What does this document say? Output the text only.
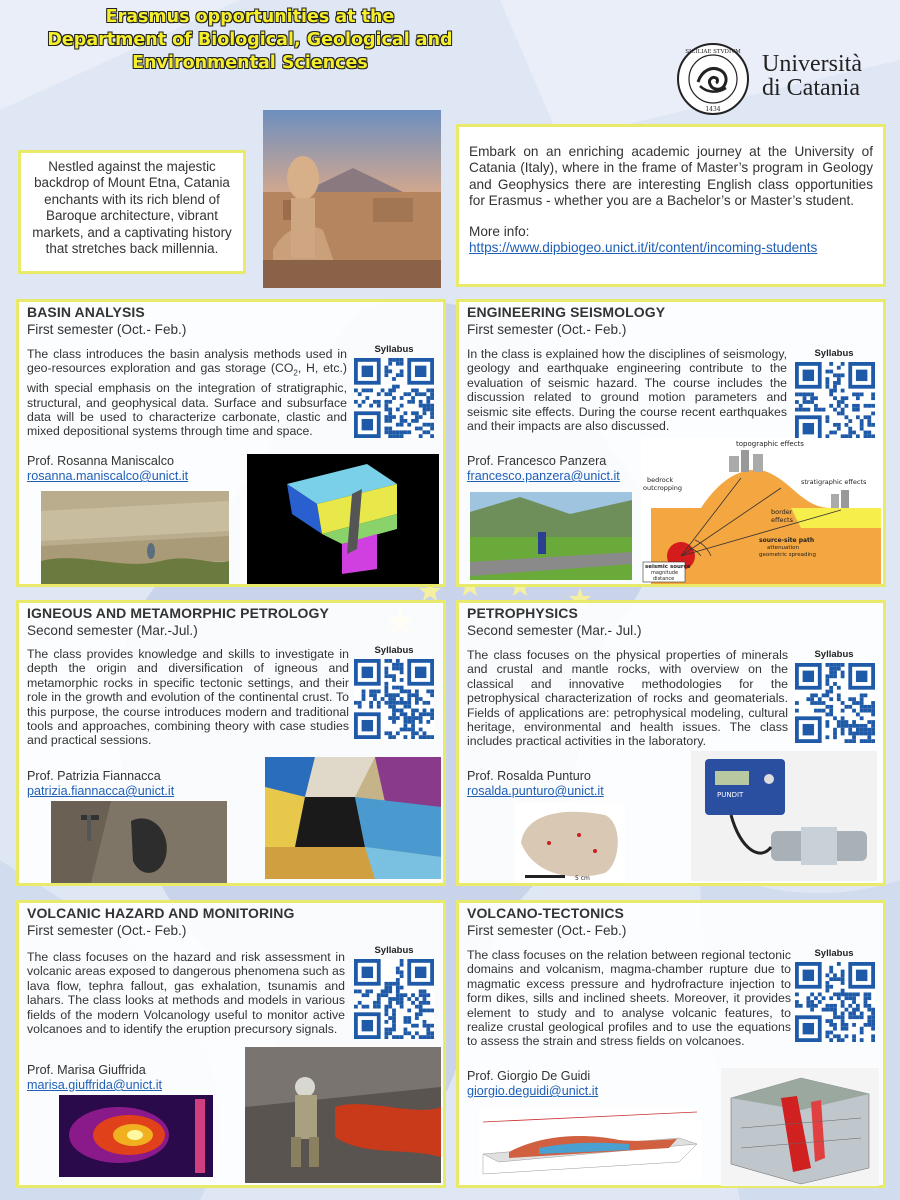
Erasmus opportunities at the
Department of Biological, Geological and
Environmental Sciences
SICILIAE STVDIVM
1434
Università
di Catania
Nestled against the majestic backdrop of Mount Etna, Catania enchants with its rich blend of Baroque architecture, vibrant markets, and a captivating history that stretches back millennia.

Embark on an enriching academic journey at the University of Catania (Italy), where in the frame of Master’s program in Geology and Geophysics there are interesting English class opportunities for Erasmus - whether you are a Bachelor’s or Master’s student.

More info:
https://www.dipbiogeo.unict.it/it/content/incoming-students
BASIN ANALYSIS
First semester (Oct.- Feb.)
The class introduces the basin analysis methods used in geo-resources exploration and gas storage ($CO_2$, H, etc.) with special emphasis on the integration of stratigraphic, structural, and geophysical data. Surface and subsurface data will be used to characterize carbonate, clastic and mixed depositional systems through time and space.
Syllabus
Prof. Rosanna Maniscalco
rosanna.maniscalco@unict.it
ENGINEERING SEISMOLOGY
First semester (Oct.- Feb.)
In the class is explained how the disciplines of seismology, geology and earthquake engineering contribute to the evaluation of seismic hazard. The course includes the discussion related to ground motion parameters and seismic site effects. During the course recent earthquakes and their impacts are also discussed.
Syllabus
Prof. Francesco Panzera
francesco.panzera@unict.it
topographic effects
stratigraphic effects
bedrock
outcropping
border
effects
source-site path
attenuation
geometric spreading
seismic source
magnitude
distance
IGNEOUS AND METAMORPHIC PETROLOGY
Second semester (Mar.-Jul.)
The class provides knowledge and skills to investigate in depth the origin and diversification of igneous and metamorphic rocks in specific tectonic settings, and their role in the growth and evolution of the continental crust. To this purpose, the course introduces modern and traditional tools and approaches, combining theory with case studies and practical sessions.
Syllabus
Prof. Patrizia Fiannacca
patrizia.fiannacca@unict.it
PETROPHYSICS
Second semester (Mar.- Jul.)
The class focuses on the physical properties of minerals and crustal and mantle rocks, with overview on the classical and innovative methodologies for the petrophysical characterization of rocks and geomaterials. Fields of applications are: petrophysical modeling, cultural heritage, environmental and health issues. The class includes practical activities in the laboratory.
Syllabus
Prof. Rosalda Punturo
rosalda.punturo@unict.it
5 cm
PUNDIT
VOLCANIC HAZARD AND MONITORING
First semester (Oct.- Feb.)
The class focuses on the hazard and risk assessment in volcanic areas exposed to dangerous phenomena such as lava flow, tephra fallout, gas exhalation, tsunamis and lahars. The class looks at methods and models in various fields of the modern Volcanology useful to monitor active volcanoes and to identify the eruption precursory signals.
Syllabus
Prof. Marisa Giuffrida
marisa.giuffrida@unict.it
VOLCANO-TECTONICS
First semester (Oct.- Feb.)
The class focuses on the relation between regional tectonic domains and volcanism, magma-chamber rupture due to magmatic excess pressure and hydrofracture injection to form dikes, sills and inclined sheets. Moreover, it provides element to study and to analyse volcanic features, to realize crustal geological profiles and to use the equations to assess the strain and stress fields on volcanoes.
Syllabus
Prof. Giorgio De Guidi
giorgio.deguidi@unict.it
